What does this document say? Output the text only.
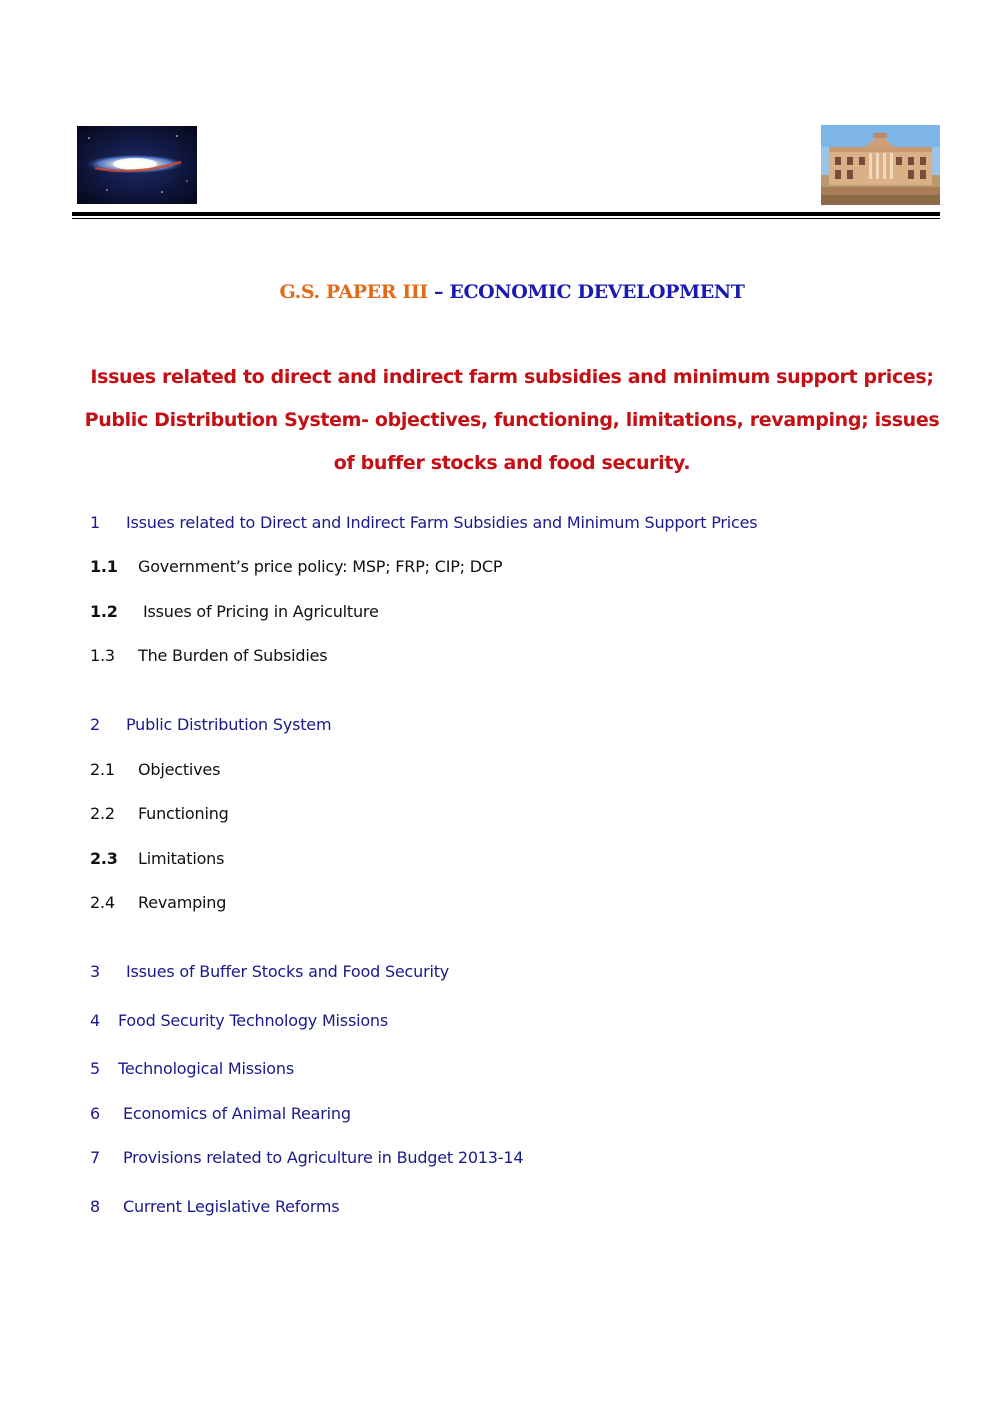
G.S. PAPER III – ECONOMIC DEVELOPMENT
Issues related to direct and indirect farm subsidies and minimum support prices; Public Distribution System- objectives, functioning, limitations, revamping; issues of buffer stocks and food security.
1 Issues related to Direct and Indirect Farm Subsidies and Minimum Support Prices
1.1 Government’s price policy: MSP; FRP; CIP; DCP
1.2 Issues of Pricing in Agriculture
1.3 The Burden of Subsidies
2 Public Distribution System
2.1 Objectives
2.2 Functioning
2.3 Limitations
2.4 Revamping
3 Issues of Buffer Stocks and Food Security
4 Food Security Technology Missions
5 Technological Missions
6 Economics of Animal Rearing
7 Provisions related to Agriculture in Budget 2013-14
8 Current Legislative Reforms
